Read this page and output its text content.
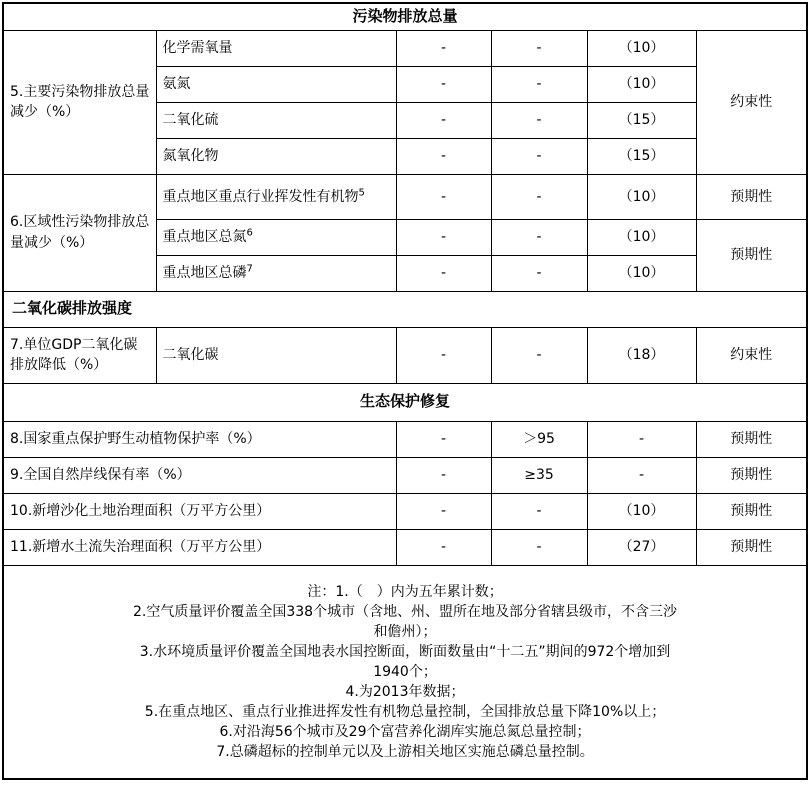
污染物排放总量					
5.主要污染物排放总量减少（%）	化学需氧量	-	-	（10）	约束性
	氨氮	-	-	（10）	
	二氧化硫	-	-	（15）	
	氮氧化物	-	-	（15）	
6.区域性污染物排放总量减少（%）	重点地区重点行业挥发性有机物$^5$	-	-	（10）	预期性
	重点地区总氮$^6$	-	-	（10）	预期性
	重点地区总磷$^7$	-	-	（10）	
二氧化碳排放强度					
7.单位GDP二氧化碳排放降低（%）	二氧化碳	-	-	（18）	约束性
生态保护修复					
8.国家重点保护野生动植物保护率（%）		-	＞95	-	预期性
9.全国自然岸线保有率（%）		-	≥35	-	预期性
10.新增沙化土地治理面积（万平方公里）		-	-	（10）	预期性
11.新增水土流失治理面积（万平方公里）		-	-	（27）	预期性

注：1.（　）内为五年累计数；
2.空气质量评价覆盖全国338个城市（含地、州、盟所在地及部分省辖县级市，不含三沙
和儋州）；
3.水环境质量评价覆盖全国地表水国控断面，断面数量由“十二五”期间的972个增加到
1940个；
4.为2013年数据；
5.在重点地区、重点行业推进挥发性有机物总量控制，全国排放总量下降10%以上；
6.对沿海56个城市及29个富营养化湖库实施总氮总量控制；
7.总磷超标的控制单元以及上游相关地区实施总磷总量控制。
